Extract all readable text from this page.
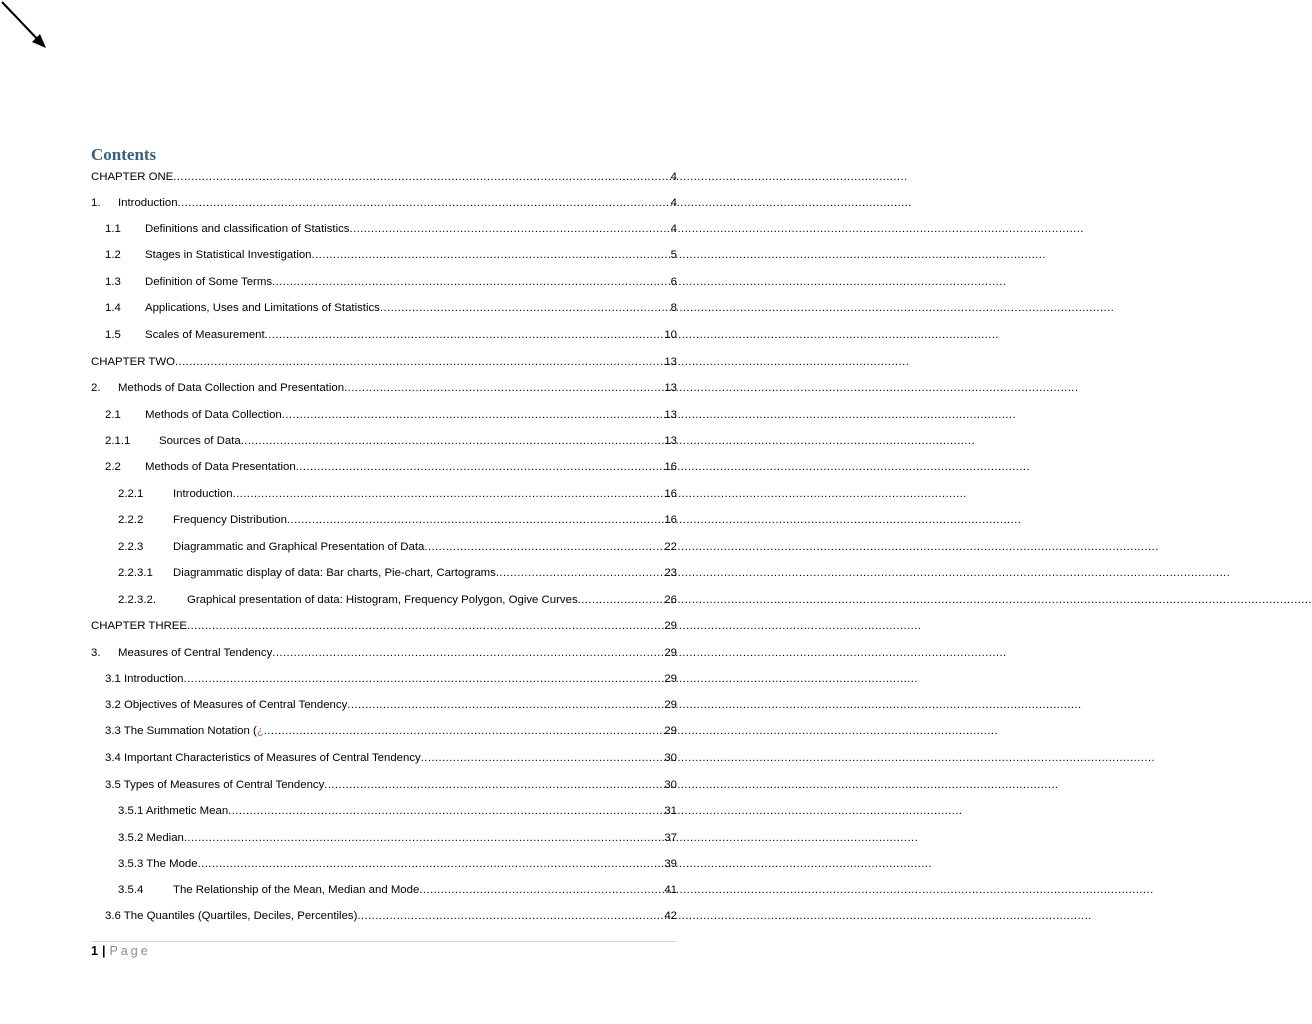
Contents
CHAPTER ONE .....	4
1.	Introduction .....	4
1.1	Definitions and classification of Statistics .....	4
1.2	Stages in Statistical Investigation .....	5
1.3	Definition of Some Terms .....	6
1.4	Applications, Uses and Limitations of Statistics .....	8
1.5	Scales of Measurement .....	10
CHAPTER TWO .....	13
2.	Methods of Data Collection and Presentation .....	13
2.1	Methods of Data Collection .....	13
2.1.1	Sources of Data .....	13
2.2	Methods of Data Presentation .....	16
2.2.1	Introduction .....	16
2.2.2	Frequency Distribution .....	16
2.2.3	Diagrammatic and Graphical Presentation of Data .....	22
2.2.3.1	Diagrammatic display of data: Bar charts, Pie-chart, Cartograms .....	23
2.2.3.2.	Graphical presentation of data: Histogram, Frequency Polygon, Ogive Curves .....	26
CHAPTER THREE .....	29
3.	Measures of Central Tendency .....	29
3.1 Introduction .....	29
3.2 Objectives of Measures of Central Tendency .....	29
3.3 The Summation Notation ( ¿ .....	29
3.4 Important Characteristics of Measures of Central Tendency .....	30
3.5 Types of Measures of Central Tendency .....	30
3.5.1 Arithmetic Mean .....	31
3.5.2 Median .....	37
3.5.3 The Mode .....	39
3.5.4	The Relationship of the Mean, Median and Mode .....	41
3.6 The Quantiles (Quartiles, Deciles, Percentiles) .....	42
1 | Page
